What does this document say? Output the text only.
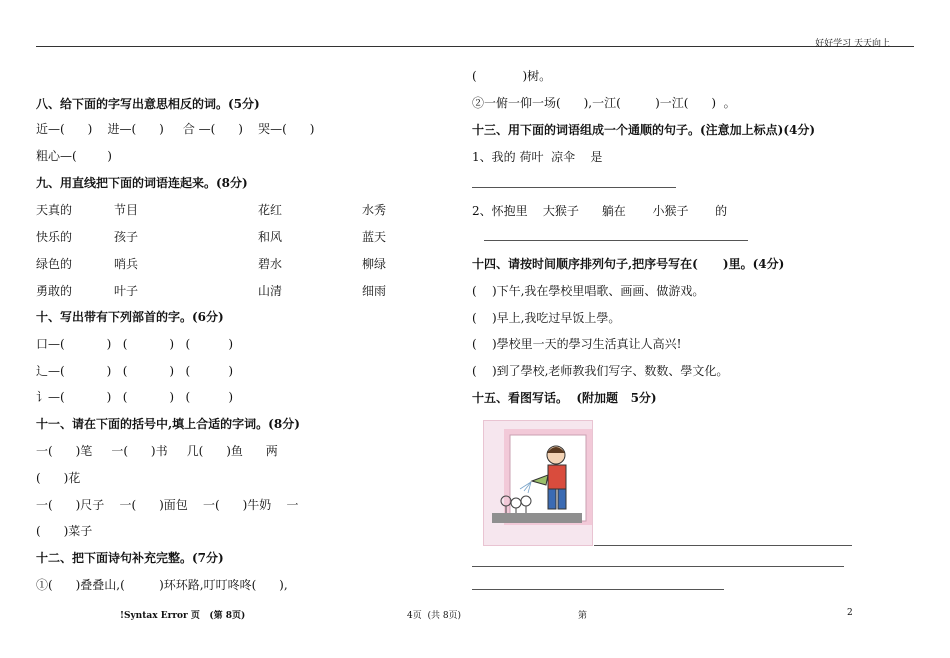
好好学习 天天向上
八、给下面的字写出意思相反的词。(5分)
近—(      )    进—(      )     合 —(      )    哭—(      )
粗心—(        )
九、用直线把下面的词语连起来。(8分)
天真的	节目	花红	水秀
快乐的	孩子	和风	蓝天
绿色的	哨兵	碧水	柳绿
勇敢的	叶子	山清	细雨
十、写出带有下列部首的字。(6分)
口—(           )   (           )   (          )
辶—(           )   (           )   (          )
讠—(           )   (           )   (          )
十一、请在下面的括号中,填上合适的字词。(8分)
一(      )笔     一(      )书     几(      )鱼      两
(      )花
一(      )尺子    一(      )面包    一(      )牛奶    一
(      )菜子
十二、把下面诗句补充完整。(7分)
①(      )叠叠山,(         )环环路,叮叮咚咚(      ),
(            )树。
②一俯一仰一场(      ),一江(         )一江(      )  。
十三、用下面的词语组成一个通顺的句子。(注意加上标点)(4分)
1、我的 荷叶  凉伞    是
2、怀抱里    大猴子      躺在       小猴子       的
十四、请按时间顺序排列句子,把序号写在(      )里。(4分)
(    )下午,我在學校里唱歌、画画、做游戏。
(    )早上,我吃过早饭上學。
(    )學校里一天的學习生活真让人高兴!
(    )到了學校,老师教我们写字、数数、學文化。
十五、看图写话。  (附加题   5分)
!Syntax Error 页   (第 8页)	4页  (共 8页)	第	2
